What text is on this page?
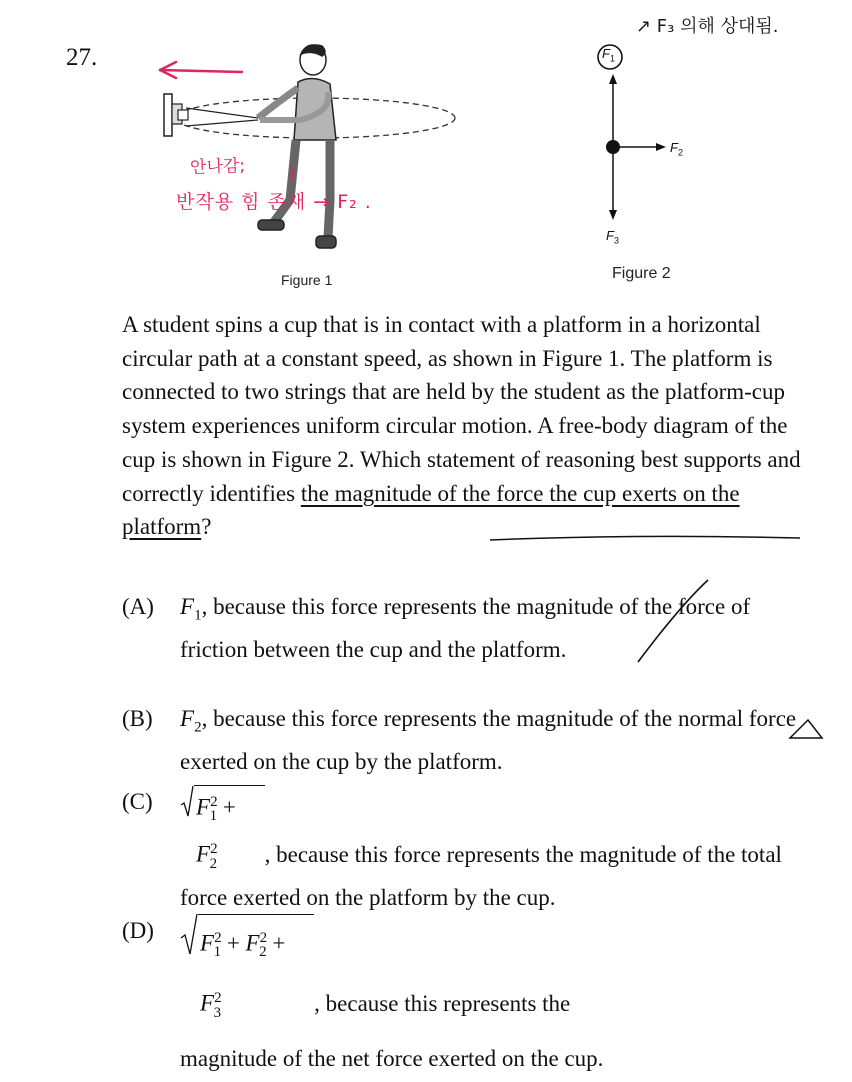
27.
안나감;
반작용 힘 존재 → F₂ .
Figure 1
$F_1$
$F_2$
$F_3$
↗ F₃ 의해 상대됨.
Figure 2
A student spins a cup that is in contact with a platform in a horizontal circular path at a constant speed, as shown in Figure 1. The platform is connected to two strings that are held by the student as the platform-cup system experiences uniform circular motion. A free-body diagram of the cup is shown in Figure 2. Which statement of reasoning best supports and correctly identifies the magnitude of the force the cup exerts on the platform?
(A) $F_1$, because this force represents the magnitude of the force of friction between the cup and the platform.
(B) $F_2$, because this force represents the magnitude of the normal force exerted on the cup by the platform.
(C)	$F^2_1 + F^2_2$ , because this force represents the magnitude of the total force exerted on the platform by the cup.
(D)
$F^2_1 + F^2_2 + F^2_3$	, because this represents the
magnitude of the net force exerted on the cup.
